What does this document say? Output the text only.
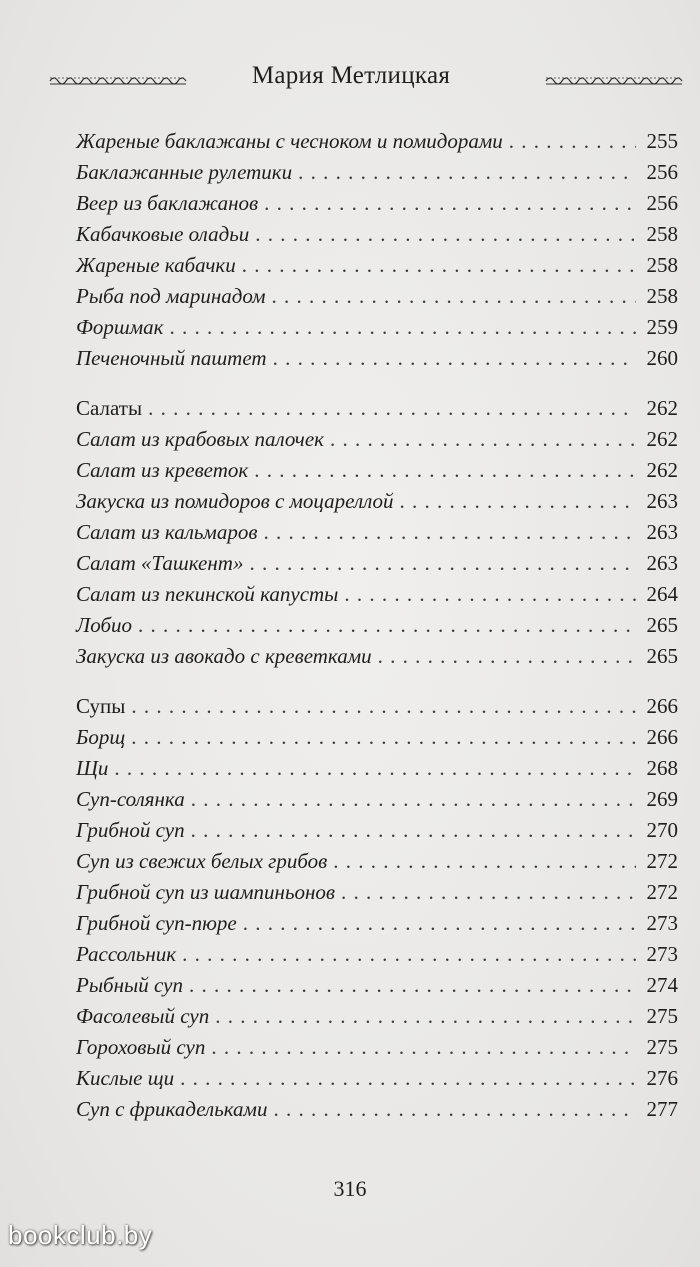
Мария Метлицкая
Жареные баклажаны с чесноком и помидорами . . .	255
Баклажанные рулетики . . .	256
Веер из баклажанов . . .	256
Кабачковые оладьи . . .	258
Жареные кабачки . . .	258
Рыба под маринадом . . .	258
Форшмак . . .	259
Печеночный паштет . . .	260
Салаты . . .	262
Салат из крабовых палочек . . .	262
Салат из креветок . . .	262
Закуска из помидоров с моцареллой . . .	263
Салат из кальмаров . . .	263
Салат «Ташкент» . . .	263
Салат из пекинской капусты . . .	264
Лобио . . .	265
Закуска из авокадо с креветками . . .	265
Супы . . .	266
Борщ . . .	266
Щи . . .	268
Суп-солянка . . .	269
Грибной суп . . .	270
Суп из свежих белых грибов . . .	272
Грибной суп из шампиньонов . . .	272
Грибной суп-пюре . . .	273
Рассольник . . .	273
Рыбный суп . . .	274
Фасолевый суп . . .	275
Гороховый суп . . .	275
Кислые щи . . .	276
Суп с фрикадельками . . .	277
316
bookclub.by
